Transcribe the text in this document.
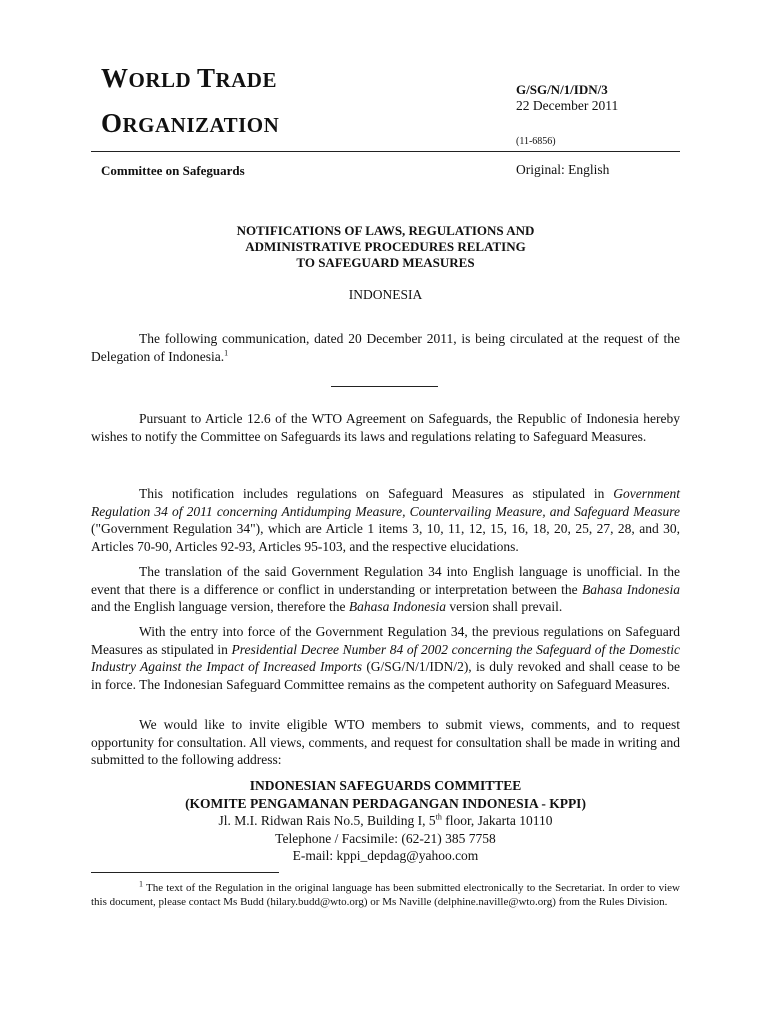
WORLD TRADE
ORGANIZATION
G/SG/N/1/IDN/3
22 December 2011
(11-6856)
Committee on Safeguards	Original: English
NOTIFICATIONS OF LAWS, REGULATIONS AND
ADMINISTRATIVE PROCEDURES RELATING
TO SAFEGUARD MEASURES
INDONESIA

The following communication, dated 20 December 2011, is being circulated at the request of the Delegation of Indonesia.$^1$

Pursuant to Article 12.6 of the WTO Agreement on Safeguards, the Republic of Indonesia hereby wishes to notify the Committee on Safeguards its laws and regulations relating to Safeguard Measures.

This notification includes regulations on Safeguard Measures as stipulated in Government Regulation 34 of 2011 concerning Antidumping Measure, Countervailing Measure, and Safeguard Measure ("Government Regulation 34"), which are Article 1 items 3, 10, 11, 12, 15, 16, 18, 20, 25, 27, 28, and 30, Articles 70-90, Articles 92-93, Articles 95-103, and the respective elucidations.

The translation of the said Government Regulation 34 into English language is unofficial. In the event that there is a difference or conflict in understanding or interpretation between the Bahasa Indonesia and the English language version, therefore the Bahasa Indonesia version shall prevail.

With the entry into force of the Government Regulation 34, the previous regulations on Safeguard Measures as stipulated in Presidential Decree Number 84 of 2002 concerning the Safeguard of the Domestic Industry Against the Impact of Increased Imports (G/SG/N/1/IDN/2), is duly revoked and shall cease to be in force. The Indonesian Safeguard Committee remains as the competent authority on Safeguard Measures.

We would like to invite eligible WTO members to submit views, comments, and to request opportunity for consultation. All views, comments, and request for consultation shall be made in writing and submitted to the following address:

INDONESIAN SAFEGUARDS COMMITTEE
(KOMITE PENGAMANAN PERDAGANGAN INDONESIA - KPPI)
Jl. M.I. Ridwan Rais No.5, Building I, 5th floor, Jakarta 10110
Telephone / Facsimile: (62-21) 385 7758
E-mail: kppi_depdag@yahoo.com

$^1$ The text of the Regulation in the original language has been submitted electronically to the Secretariat. In order to view this document, please contact Ms Budd (hilary.budd@wto.org) or Ms Naville (delphine.naville@wto.org) from the Rules Division.
